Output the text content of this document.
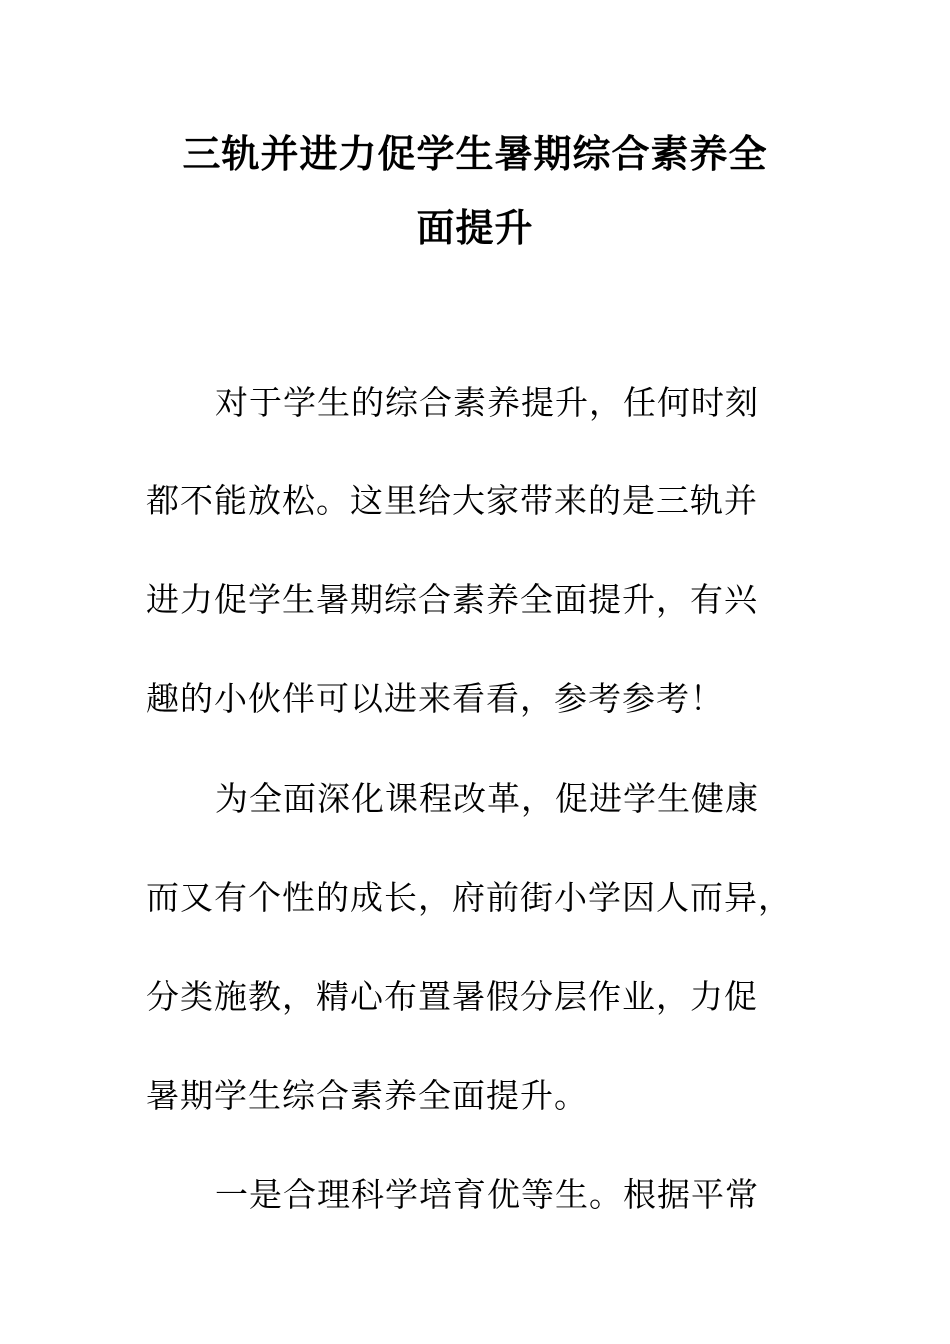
三轨并进力促学生暑期综合素养全
面提升
对于学生的综合素养提升，任何时刻
都不能放松。这里给大家带来的是三轨并
进力促学生暑期综合素养全面提升，有兴
趣的小伙伴可以进来看看，参考参考！
为全面深化课程改革，促进学生健康
而又有个性的成长，府前街小学因人而异，
分类施教，精心布置暑假分层作业，力促
暑期学生综合素养全面提升。
一是合理科学培育优等生。根据平常
